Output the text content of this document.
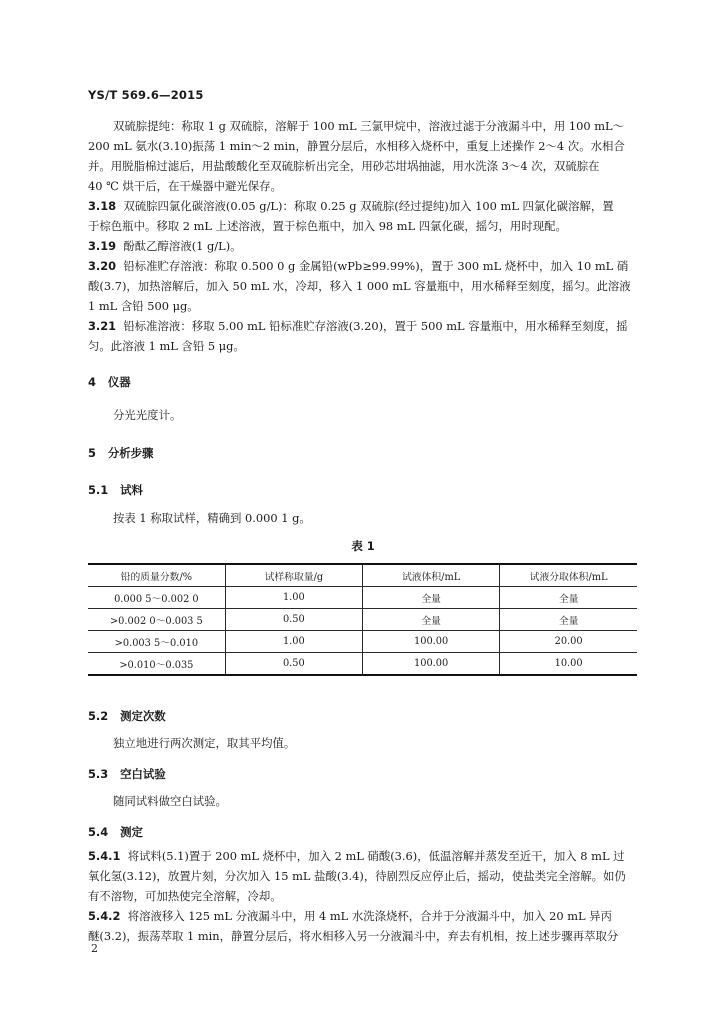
YS/T 569.6—2015
双硫腙提纯：称取 1 g 双硫腙，溶解于 100 mL 三氯甲烷中，溶液过滤于分液漏斗中，用 100 mL～
200 mL 氨水(3.10)振荡 1 min～2 min，静置分层后，水相移入烧杯中，重复上述操作 2～4 次。水相合
并。用脱脂棉过滤后，用盐酸酸化至双硫腙析出完全，用砂芯坩埚抽滤，用水洗涤 3～4 次，双硫腙在
40 ℃ 烘干后，在干燥器中避光保存。
3.18 双硫腙四氯化碳溶液(0.05 g/L)：称取 0.25 g 双硫腙(经过提纯)加入 100 mL 四氯化碳溶解，置
于棕色瓶中。移取 2 mL 上述溶液，置于棕色瓶中，加入 98 mL 四氯化碳，摇匀，用时现配。
3.19 酚酞乙醇溶液(1 g/L)。
3.20 铅标准贮存溶液：称取 0.500 0 g 金属铅(wPb≥99.99%)，置于 300 mL 烧杯中，加入 10 mL 硝
酸(3.7)，加热溶解后，加入 50 mL 水，冷却，移入 1 000 mL 容量瓶中，用水稀释至刻度，摇匀。此溶液
1 mL 含铅 500 μg。
3.21 铅标准溶液：移取 5.00 mL 铅标准贮存溶液(3.20)，置于 500 mL 容量瓶中，用水稀释至刻度，摇
匀。此溶液 1 mL 含铅 5 μg。
4 仪器
分光光度计。
5 分析步骤
5.1 试料
按表 1 称取试样，精确到 0.000 1 g。
表 1
铅的质量分数/%	试样称取量/g	试液体积/mL	试液分取体积/mL
0.000 5～0.002 0	1.00	全量	全量
>0.002 0～0.003 5	0.50	全量	全量
>0.003 5～0.010	1.00	100.00	20.00
>0.010～0.035	0.50	100.00	10.00
5.2 测定次数
独立地进行两次测定，取其平均值。
5.3 空白试验
随同试料做空白试验。
5.4 测定
5.4.1 将试料(5.1)置于 200 mL 烧杯中，加入 2 mL 硝酸(3.6)，低温溶解并蒸发至近干，加入 8 mL 过
氧化氢(3.12)，放置片刻，分次加入 15 mL 盐酸(3.4)，待剧烈反应停止后，摇动，使盐类完全溶解。如仍
有不溶物，可加热使完全溶解，冷却。
5.4.2 将溶液移入 125 mL 分液漏斗中，用 4 mL 水洗涤烧杯，合并于分液漏斗中，加入 20 mL 异丙
醚(3.2)，振荡萃取 1 min，静置分层后，将水相移入另一分液漏斗中，弃去有机相，按上述步骤再萃取分
2
